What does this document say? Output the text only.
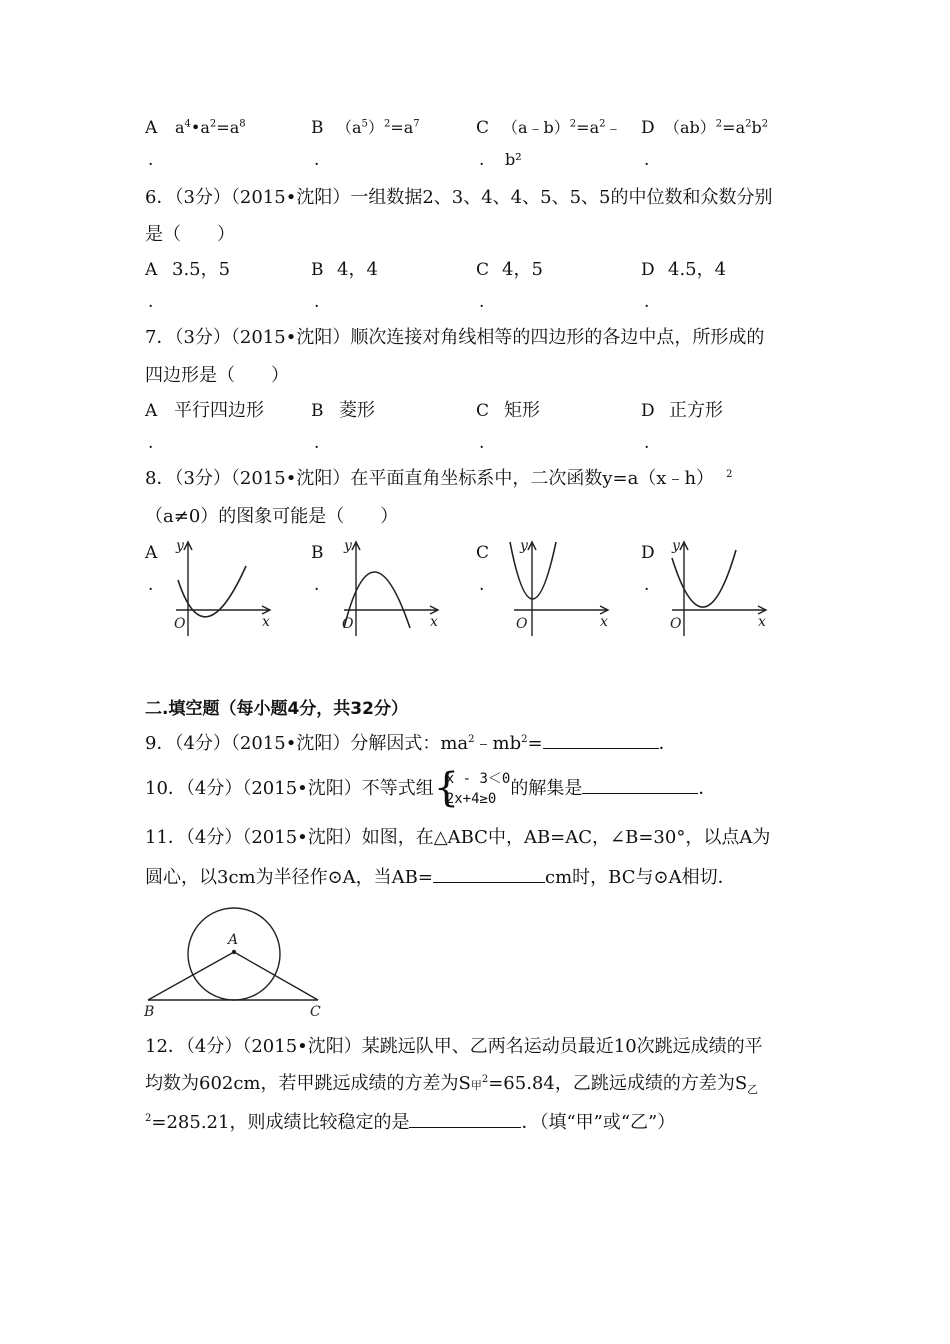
A $a^4•a^2=a^8$
.
B $(a^5)^2=a^7$
.
C $(a﹣b)^2=a^2﹣$
. b²
D $(ab)^2=a^2b^2$
.
6．（3分）（2015•沈阳）一组数据2、3、4、4、5、5、5的中位数和众数分别
是（　　）
A 3.5，5
.
B 4，4
.
C 4，5
.
D 4.5，4
.
7．（3分）（2015•沈阳）顺次连接对角线相等的四边形的各边中点，所形成的
四边形是（　　）
A 平行四边形
.
B 菱形
.
C 矩形
.
D 正方形
.
8．（3分）（2015•沈阳）在平面直角坐标系中，二次函数y=a（x﹣h） $^2$
（a≠0）的图象可能是（　　）
A
.
B
.
C
.
D
.
y
x
O
y
x
O
y
x
O
y
x
O
二.填空题（每小题4分，共32分）
9．（4分）（2015•沈阳）分解因式：$ma^2﹣mb^2=$	．
10．（4分）（2015•沈阳）不等式组 {
x - 3＜0
2x+4≥0 的解集是	．
11．（4分）（2015•沈阳）如图，在△ABC中，AB=AC，∠B=30°，以点A为
圆心，以3cm为半径作⊙A，当AB=	cm时，BC与⊙A相切．
A
B	C
12．（4分）（2015•沈阳）某跳远队甲、乙两名运动员最近10次跳远成绩的平
均数为602cm，若甲跳远成绩的方差为S甲$^2$=65.84，乙跳远成绩的方差为$S_乙$
$^2$=285.21，则成绩比较稳定的是	．（填“甲”或“乙”）
